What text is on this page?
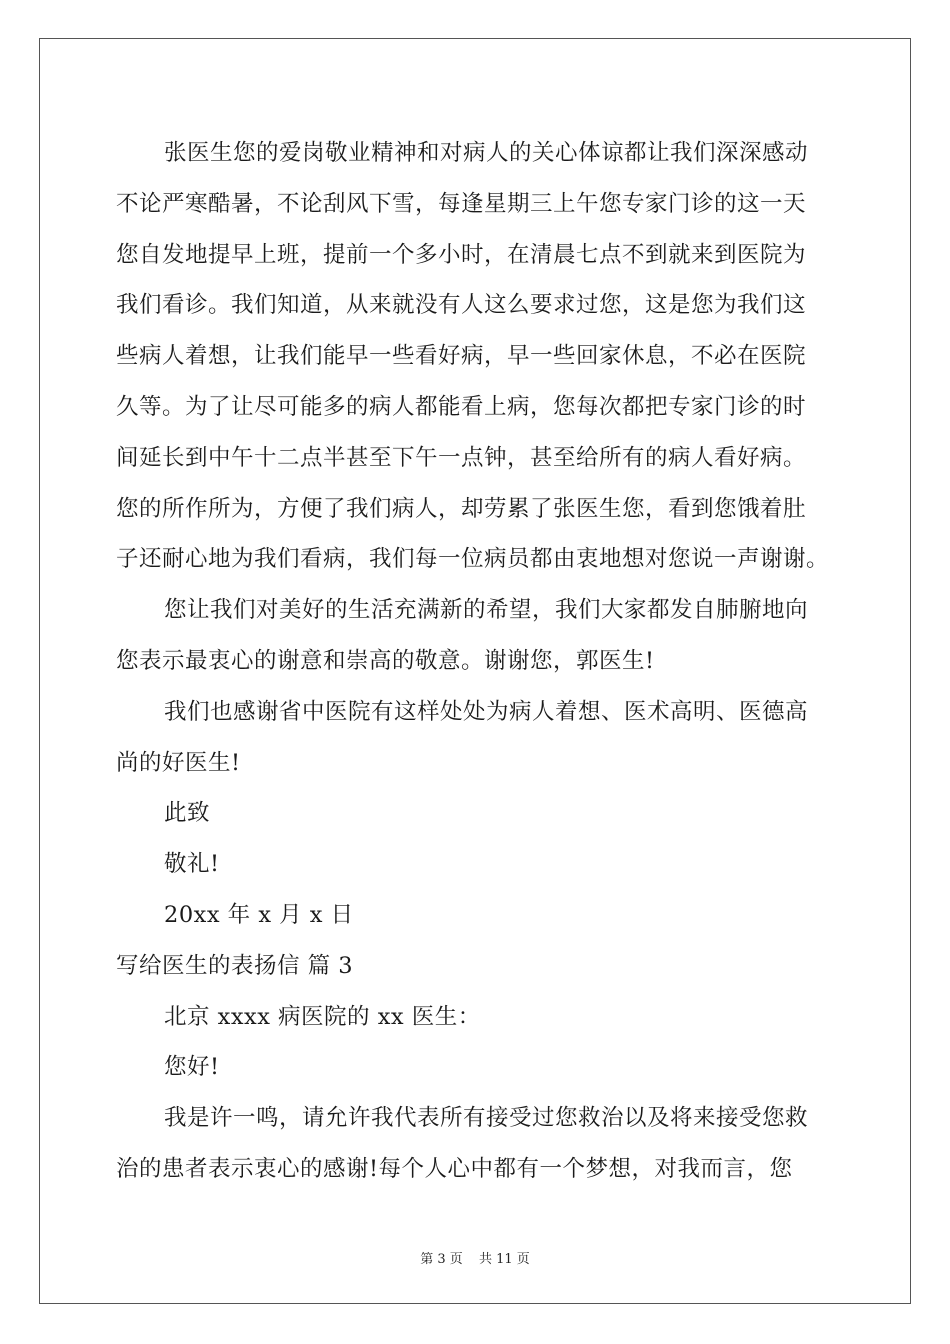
张医生您的爱岗敬业精神和对病人的关心体谅都让我们深深感动
不论严寒酷暑，不论刮风下雪，每逢星期三上午您专家门诊的这一天
您自发地提早上班，提前一个多小时，在清晨七点不到就来到医院为
我们看诊。我们知道，从来就没有人这么要求过您，这是您为我们这
些病人着想，让我们能早一些看好病，早一些回家休息，不必在医院
久等。为了让尽可能多的病人都能看上病，您每次都把专家门诊的时
间延长到中午十二点半甚至下午一点钟，甚至给所有的病人看好病。
您的所作所为，方便了我们病人，却劳累了张医生您，看到您饿着肚
子还耐心地为我们看病，我们每一位病员都由衷地想对您说一声谢谢。

您让我们对美好的生活充满新的希望，我们大家都发自肺腑地向
您表示最衷心的谢意和崇高的敬意。谢谢您，郭医生!

我们也感谢省中医院有这样处处为病人着想、医术高明、医德高
尚的好医生!

此致

敬礼!

20xx 年 x 月 x 日

写给医生的表扬信 篇 3

北京 xxxx 病医院的 xx 医生：

您好!

我是许一鸣，请允许我代表所有接受过您救治以及将来接受您救
治的患者表示衷心的感谢!每个人心中都有一个梦想，对我而言，您

第 3 页 共 11 页
